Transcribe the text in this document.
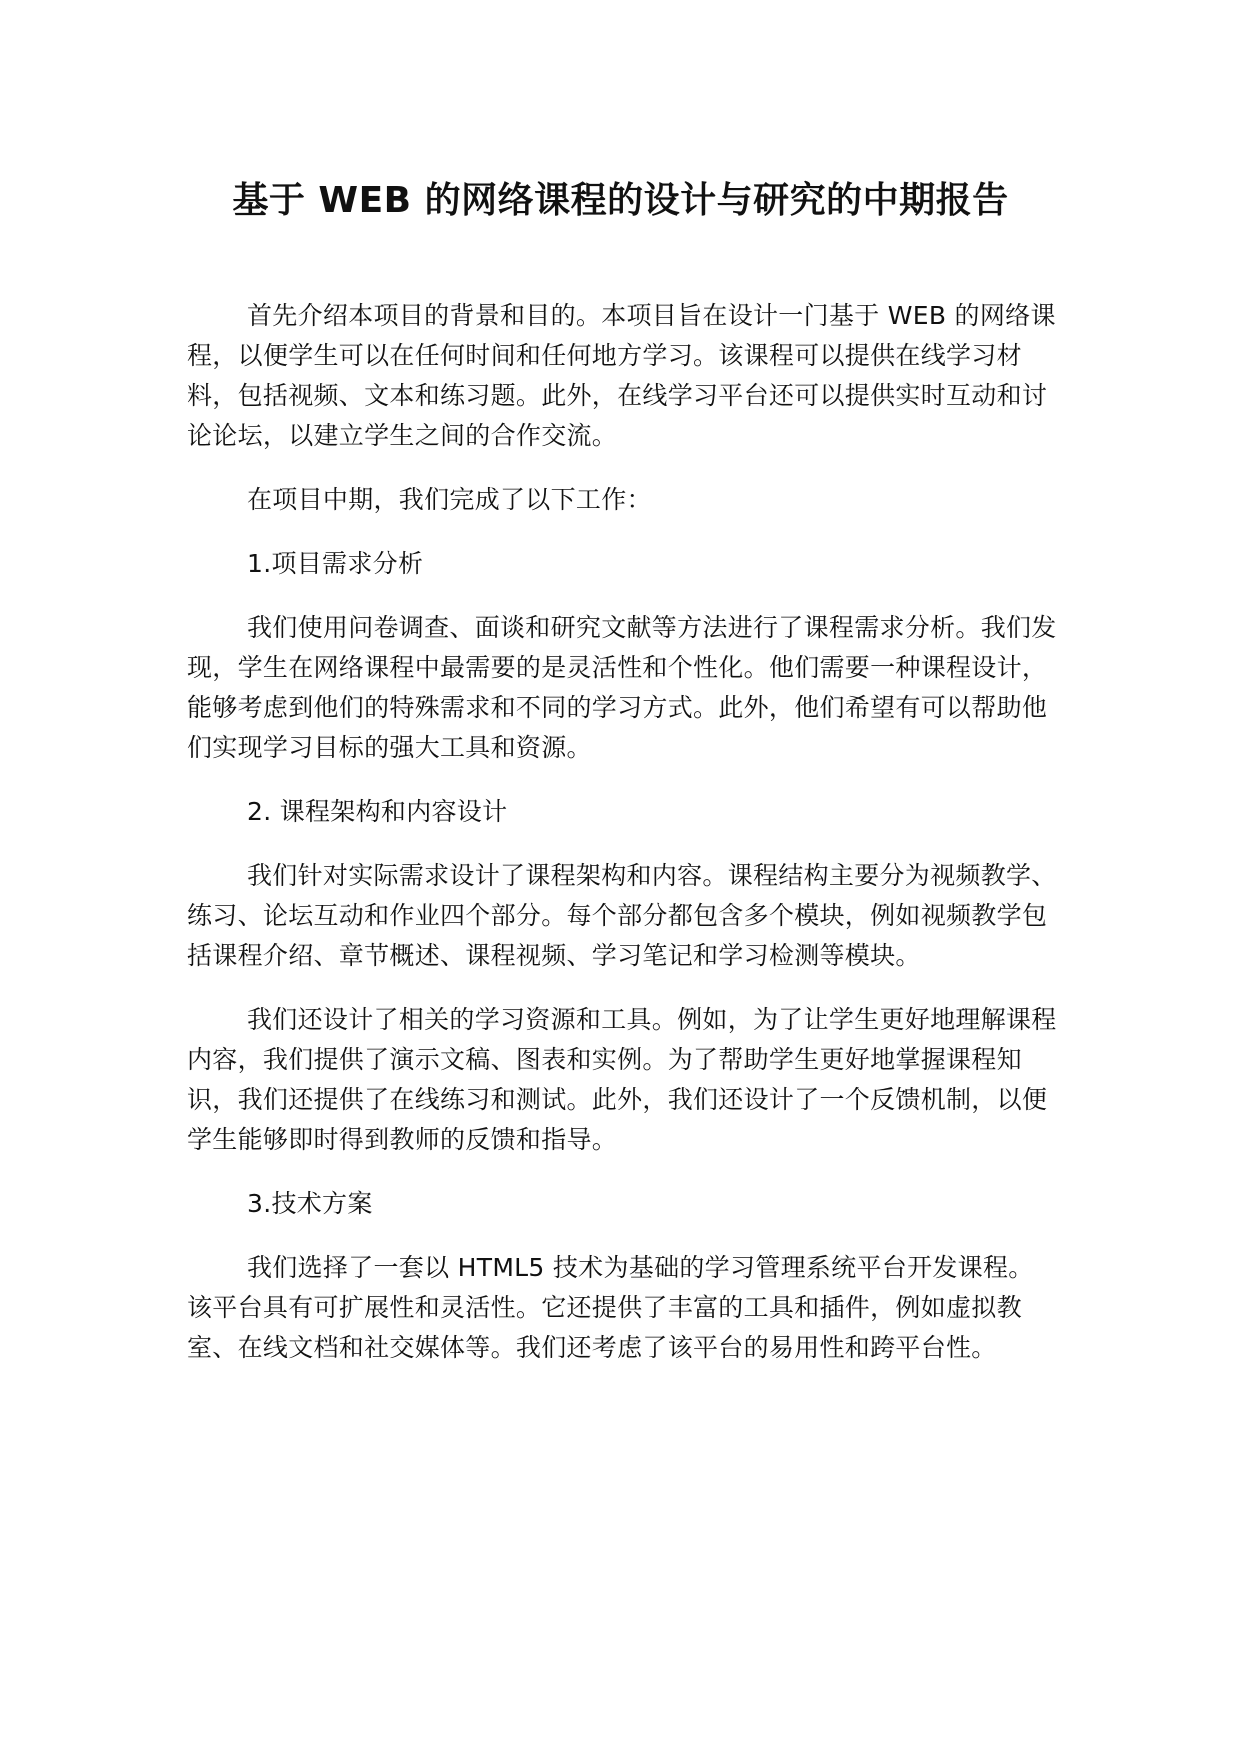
基于 WEB 的网络课程的设计与研究的中期报告

首先介绍本项目的背景和目的。本项目旨在设计一门基于 WEB 的网络课程，以便学生可以在任何时间和任何地方学习。该课程可以提供在线学习材料，包括视频、文本和练习题。此外，在线学习平台还可以提供实时互动和讨论论坛，以建立学生之间的合作交流。

在项目中期，我们完成了以下工作：

1.项目需求分析

我们使用问卷调查、面谈和研究文献等方法进行了课程需求分析。我们发现，学生在网络课程中最需要的是灵活性和个性化。他们需要一种课程设计，能够考虑到他们的特殊需求和不同的学习方式。此外，他们希望有可以帮助他们实现学习目标的强大工具和资源。

2. 课程架构和内容设计

我们针对实际需求设计了课程架构和内容。课程结构主要分为视频教学、练习、论坛互动和作业四个部分。每个部分都包含多个模块，例如视频教学包括课程介绍、章节概述、课程视频、学习笔记和学习检测等模块。

我们还设计了相关的学习资源和工具。例如，为了让学生更好地理解课程内容，我们提供了演示文稿、图表和实例。为了帮助学生更好地掌握课程知识，我们还提供了在线练习和测试。此外，我们还设计了一个反馈机制，以便学生能够即时得到教师的反馈和指导。

3.技术方案

我们选择了一套以 HTML5 技术为基础的学习管理系统平台开发课程。该平台具有可扩展性和灵活性。它还提供了丰富的工具和插件，例如虚拟教室、在线文档和社交媒体等。我们还考虑了该平台的易用性和跨平台性。
